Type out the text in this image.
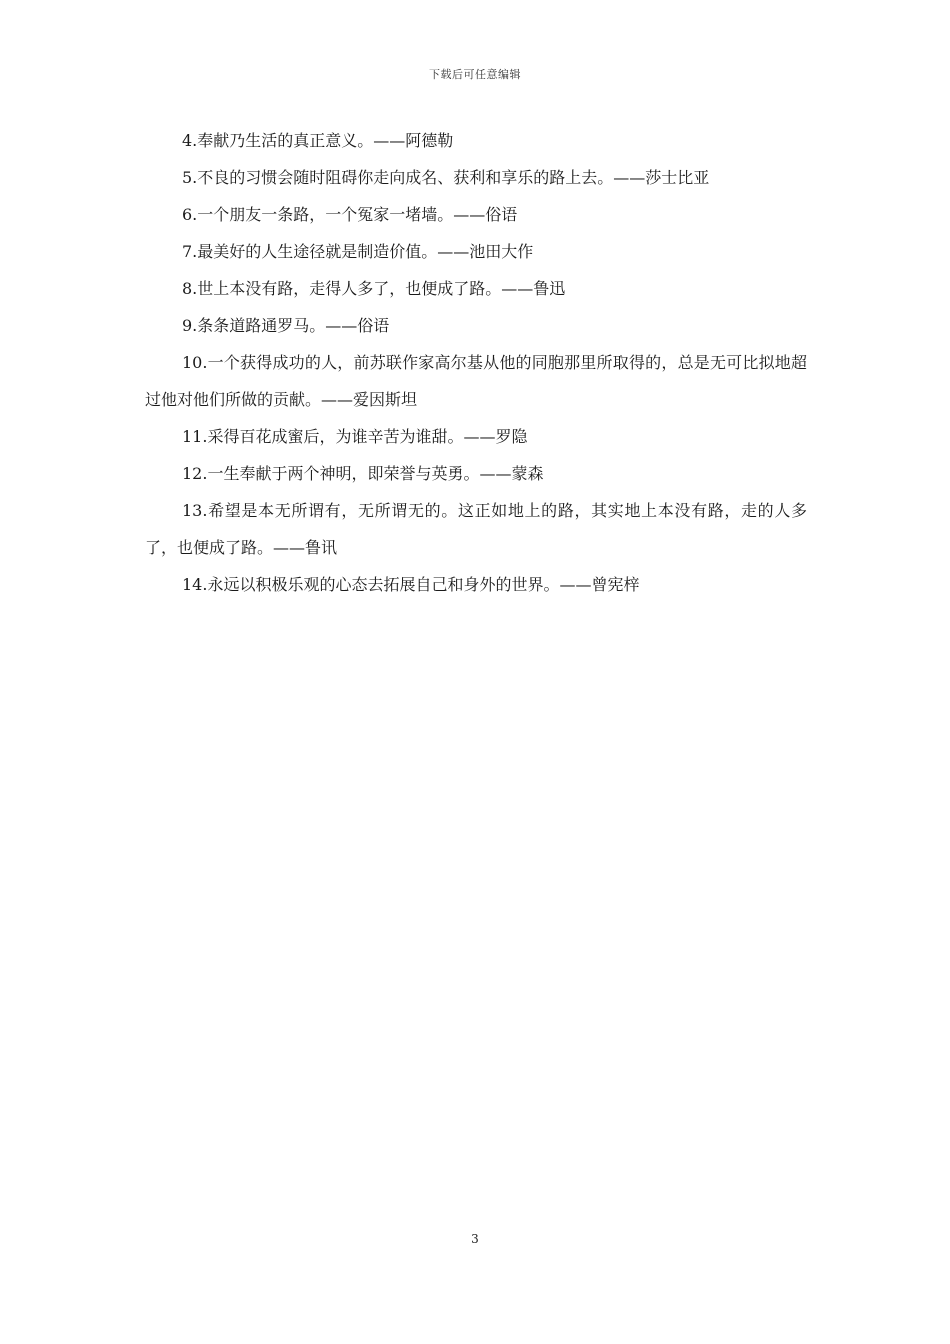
下载后可任意编辑

4.奉献乃生活的真正意义。——阿德勒

5.不良的习惯会随时阻碍你走向成名、获利和享乐的路上去。——莎士比亚

6.一个朋友一条路，一个冤家一堵墙。——俗语

7.最美好的人生途径就是制造价值。——池田大作

8.世上本没有路，走得人多了，也便成了路。——鲁迅

9.条条道路通罗马。——俗语

10.一个获得成功的人，前苏联作家高尔基从他的同胞那里所取得的，总是无可比拟地超过他对他们所做的贡献。——爱因斯坦

11.采得百花成蜜后，为谁辛苦为谁甜。——罗隐

12.一生奉献于两个神明，即荣誉与英勇。——蒙森

13.希望是本无所谓有，无所谓无的。这正如地上的路，其实地上本没有路，走的人多了，也便成了路。——鲁讯

14.永远以积极乐观的心态去拓展自己和身外的世界。——曾宪梓

3
